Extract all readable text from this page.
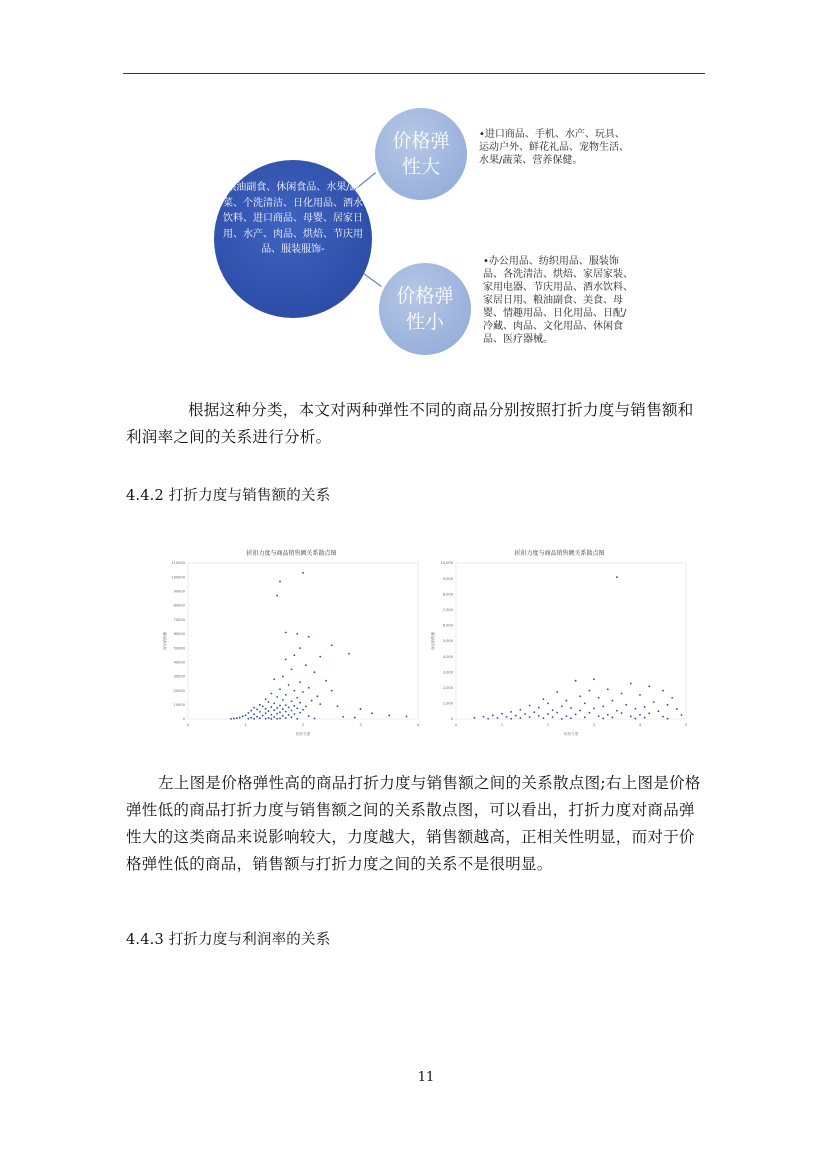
粮油副食、休闲食品、水果/蔬菜、个洗清洁、日化用品、酒水饮料、进口商品、母婴、居家日用、水产、肉品、烘焙、节庆用品、服装服饰-
价格弹
性大
•进口商品、手机、水产、玩具、运动户外、鲜花礼品、宠物生活、水果/蔬菜、营养保健。
价格弹
性小
•办公用品、纺织用品、服装饰品、各洗清洁、烘焙、家居家装、家用电器、节庆用品、酒水饮料、家居日用、粮油副食、美食、母婴、情趣用品、日化用品、日配/冷藏、肉品、文化用品、休闲食品、医疗器械。
根据这种分类，本文对两种弹性不同的商品分别按照打折力度与销售额和利润率之间的关系进行分析。
4.4.2 打折力度与销售额的关系
折扣力度与商品销售额关系散点图
110000
100000
90000
80000
70000
60000
50000
40000
30000
20000
10000
0
0	1	2	3	4
折扣力度
商品销售额
折扣力度与商品销售额关系散点图
10,000
9,000
8,000
7,000
6,000
5,000
4,000
3,000
2,000
1,000
0
0	1	2	3	4	5
折扣力度
商品销售额
左上图是价格弹性高的商品打折力度与销售额之间的关系散点图;右上图是价格弹性低的商品打折力度与销售额之间的关系散点图，可以看出，打折力度对商品弹性大的这类商品来说影响较大，力度越大，销售额越高，正相关性明显，而对于价格弹性低的商品，销售额与打折力度之间的关系不是很明显。
4.4.3 打折力度与利润率的关系
11
